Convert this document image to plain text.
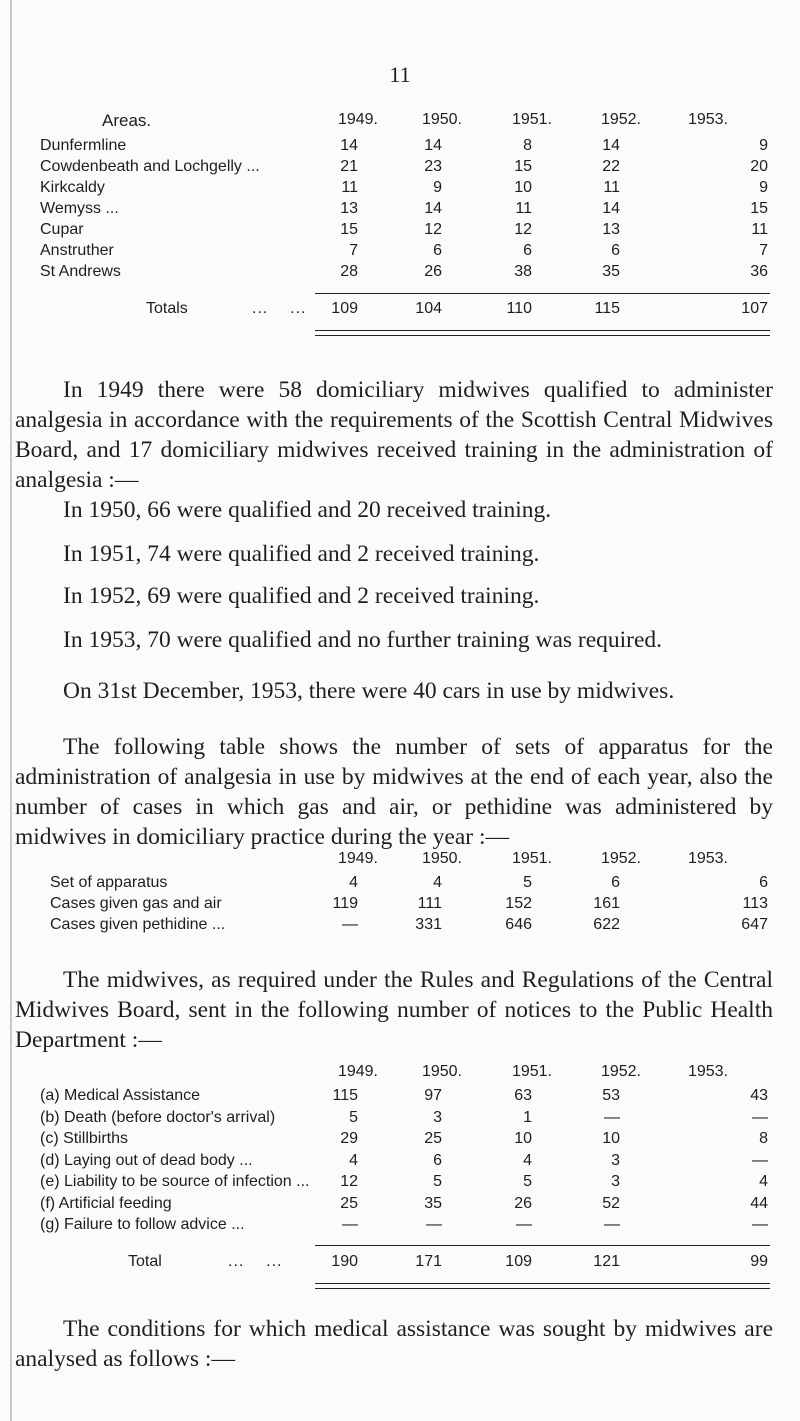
11
Areas.	1949.	1950.	1951.	1952.	1953.
Dunfermline	14	14	8	14	9
Cowdenbeath and Lochgelly ...	21	23	15	22	20
Kirkcaldy	11	9	10	11	9
Wemyss ...	13	14	11	14	15
Cupar	15	12	12	13	11
Anstruther	7	6	6	6	7
St Andrews	28	26	38	35	36
Totals	...    ...	109	104	110	115	107
In 1949 there were 58 domiciliary midwives qualified to administer analgesia in accordance with the requirements of the Scottish Central Midwives Board, and 17 domiciliary midwives received training in the administration of analgesia :—
In 1950, 66 were qualified and 20 received training.
In 1951, 74 were qualified and 2 received training.
In 1952, 69 were qualified and 2 received training.
In 1953, 70 were qualified and no further training was required.
On 31st December, 1953, there were 40 cars in use by midwives.
The following table shows the number of sets of apparatus for the administration of analgesia in use by midwives at the end of each year, also the number of cases in which gas and air, or pethidine was administered by midwives in domiciliary practice during the year :—
1949.	1950.	1951.	1952.	1953.
Set of apparatus	4	4	5	6	6
Cases given gas and air	119	111	152	161	113
Cases given pethidine ...	—	331	646	622	647
The midwives, as required under the Rules and Regulations of the Central Midwives Board, sent in the following number of notices to the Public Health Department :—
1949.	1950.	1951.	1952.	1953.
(a) Medical Assistance	115	97	63	53	43
(b) Death (before doctor's arrival)	5	3	1	—	—
(c) Stillbirths	29	25	10	10	8
(d) Laying out of dead body ...	4	6	4	3	—
(e) Liability to be source of infection ...	12	5	5	3	4
(f) Artificial feeding	25	35	26	52	44
(g) Failure to follow advice ...	—	—	—	—	—
Total	...    ...	190	171	109	121	99
The conditions for which medical assistance was sought by midwives are analysed as follows :—
